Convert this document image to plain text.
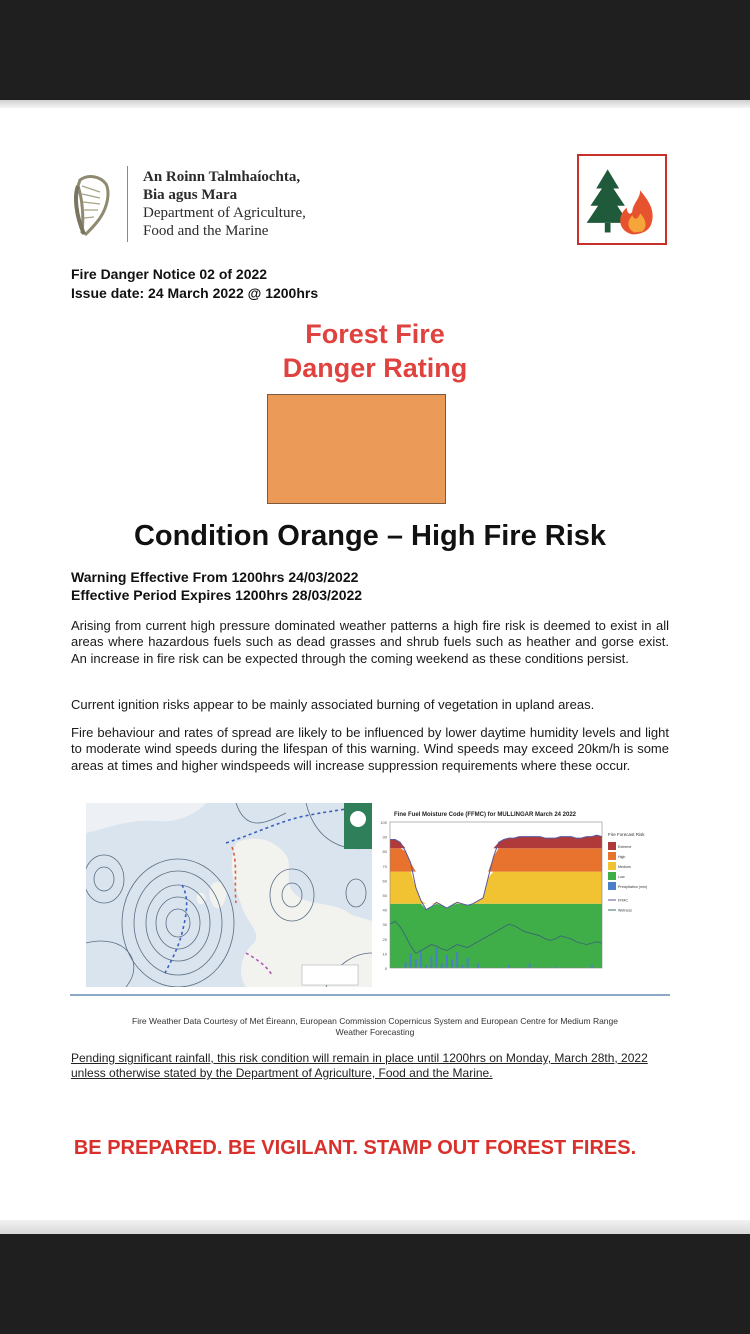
An Roinn Talmhaíochta,
Bia agus Mara
Department of Agriculture,
Food and the Marine
Fire Danger Notice 02 of 2022
Issue date: 24 March 2022 @ 1200hrs
Forest Fire
Danger Rating
Condition Orange – High Fire Risk
Warning Effective From 1200hrs 24/03/2022
Effective Period Expires 1200hrs 28/03/2022

Arising from current high pressure dominated weather patterns a high fire risk is deemed to exist in all areas where hazardous fuels such as dead grasses and shrub fuels such as heather and gorse exist. An increase in fire risk can be expected through the coming weekend as these conditions persist.

Current ignition risks appear to be mainly associated burning of vegetation in upland areas.

Fire behaviour and rates of spread are likely to be influenced by lower daytime humidity levels and light to moderate wind speeds during the lifespan of this warning. Wind speeds may exceed 20km/h is some areas at times and higher windspeeds will increase suppression requirements where these occur.

Fine Fuel Moisture Code (FFMC) for MULLINGAR March 24 2022
0
10
20
30
40
50
60
70
80
90
100
Fire Forecast Risk
Extreme
High
Medium
Low
Precipitation (mm)
FFMC
Wetness
Fire Weather Data Courtesy of Met Éireann, European Commission Copernicus System and European Centre for Medium Range
Weather Forecasting

Pending significant rainfall, this risk condition will remain in place until 1200hrs on Monday, March 28th, 2022 unless otherwise stated by the Department of Agriculture, Food and the Marine.

BE PREPARED. BE VIGILANT. STAMP OUT FOREST FIRES.
